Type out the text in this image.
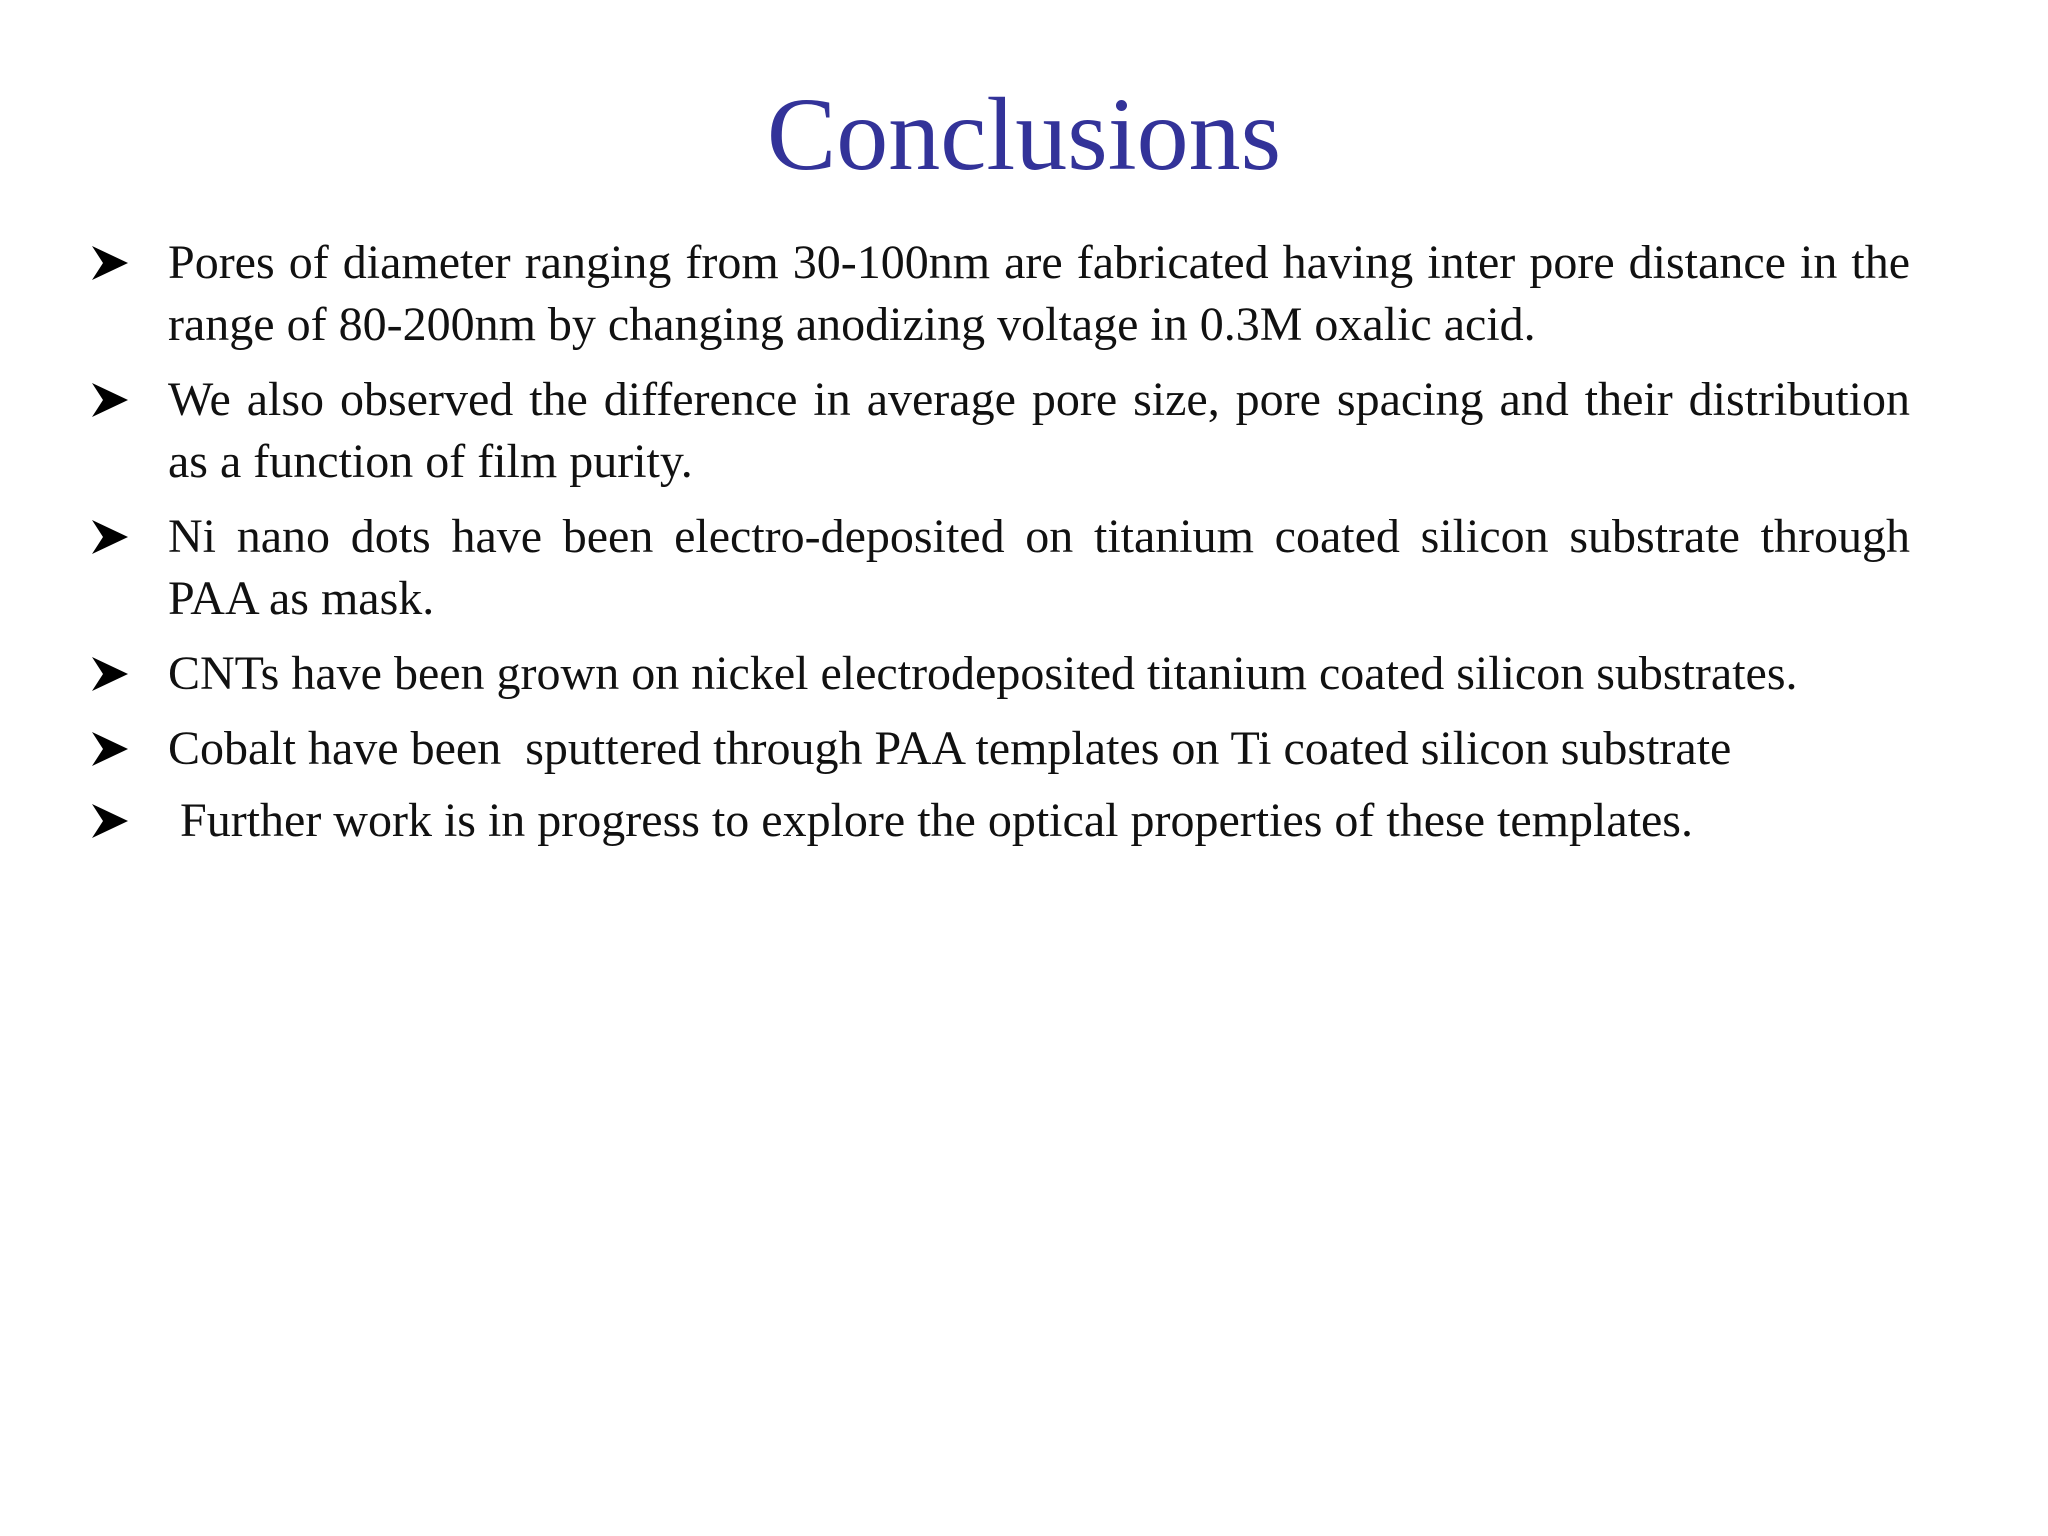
Conclusions
Pores of diameter ranging from 30-100nm are fabricated having inter pore distance in the range of 80-200nm by changing anodizing voltage in 0.3M oxalic acid.
We also observed the difference in average pore size, pore spacing and their distribution as a function of film purity.
Ni nano dots have been electro-deposited on titanium coated silicon substrate through PAA as mask.
CNTs have been grown on nickel electrodeposited titanium coated silicon substrates.
Cobalt have been  sputtered through PAA templates on Ti coated silicon substrate
Further work is in progress to explore the optical properties of these templates.
